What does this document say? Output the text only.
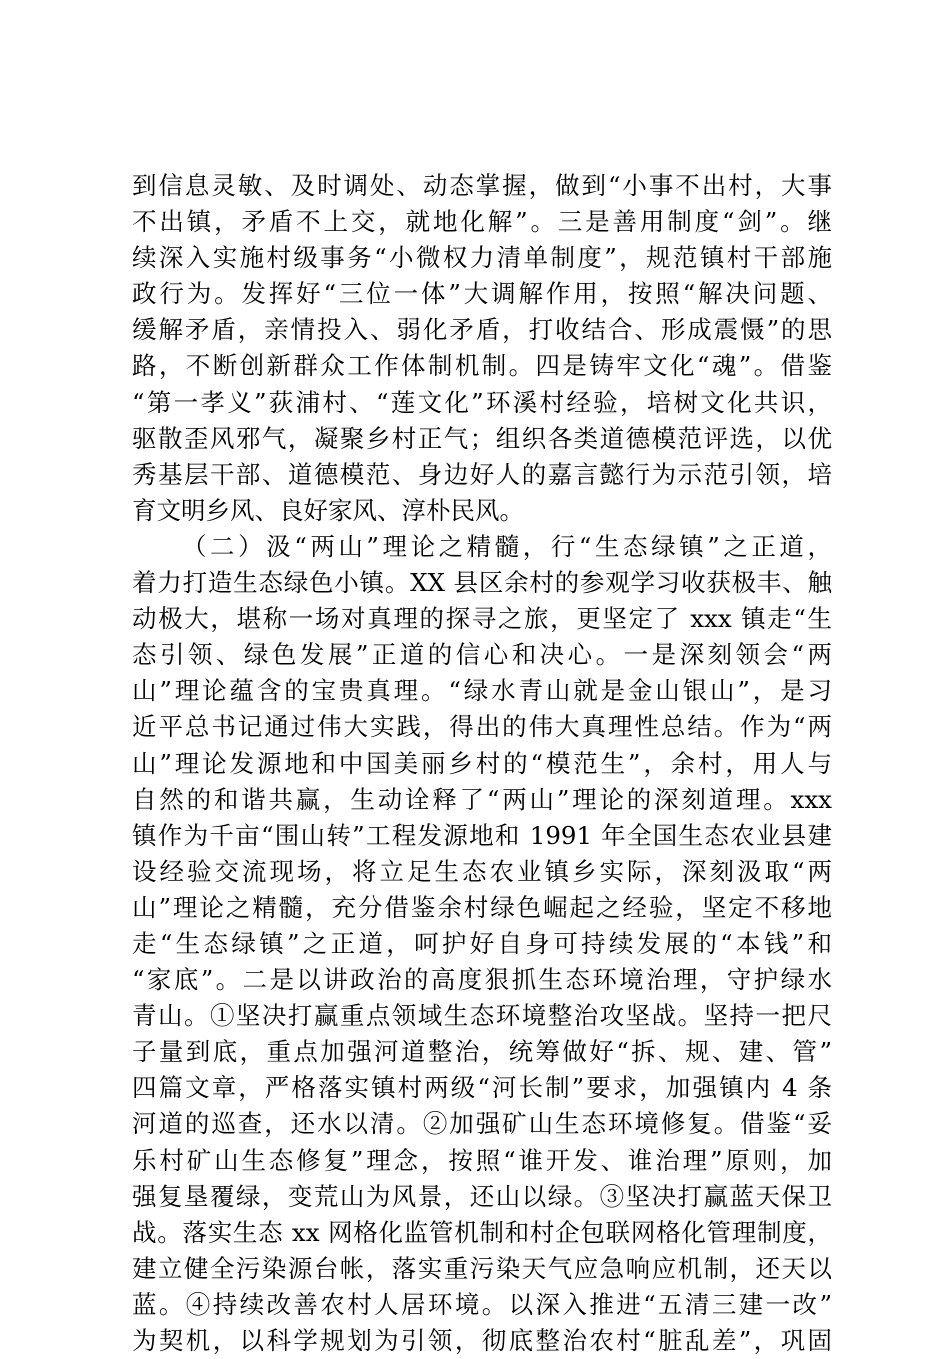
到信息灵敏、及时调处、动态掌握，做到“小事不出村，大事
不出镇，矛盾不上交，就地化解”。三是善用制度“剑”。继
续深入实施村级事务“小微权力清单制度”，规范镇村干部施
政行为。发挥好“三位一体”大调解作用，按照“解决问题、
缓解矛盾，亲情投入、弱化矛盾，打收结合、形成震慑”的思
路，不断创新群众工作体制机制。四是铸牢文化“魂”。借鉴
“第一孝义”荻浦村、“莲文化”环溪村经验，培树文化共识，
驱散歪风邪气，凝聚乡村正气；组织各类道德模范评选，以优
秀基层干部、道德模范、身边好人的嘉言懿行为示范引领，培
育文明乡风、良好家风、淳朴民风。
（二）汲“两山”理论之精髓，行“生态绿镇”之正道，
着力打造生态绿色小镇。XX 县区余村的参观学习收获极丰、触
动极大，堪称一场对真理的探寻之旅，更坚定了 xxx 镇走“生
态引领、绿色发展”正道的信心和决心。一是深刻领会“两
山”理论蕴含的宝贵真理。“绿水青山就是金山银山”，是习
近平总书记通过伟大实践，得出的伟大真理性总结。作为“两
山”理论发源地和中国美丽乡村的“模范生”，余村，用人与
自然的和谐共赢，生动诠释了“两山”理论的深刻道理。xxx
镇作为千亩“围山转”工程发源地和 1991 年全国生态农业县建
设经验交流现场，将立足生态农业镇乡实际，深刻汲取“两
山”理论之精髓，充分借鉴余村绿色崛起之经验，坚定不移地
走“生态绿镇”之正道，呵护好自身可持续发展的“本钱”和
“家底”。二是以讲政治的高度狠抓生态环境治理，守护绿水
青山。①坚决打赢重点领域生态环境整治攻坚战。坚持一把尺
子量到底，重点加强河道整治，统筹做好“拆、规、建、管”
四篇文章，严格落实镇村两级“河长制”要求，加强镇内 4 条
河道的巡查，还水以清。②加强矿山生态环境修复。借鉴“妥
乐村矿山生态修复”理念，按照“谁开发、谁治理”原则，加
强复垦覆绿，变荒山为风景，还山以绿。③坚决打赢蓝天保卫
战。落实生态 xx 网格化监管机制和村企包联网格化管理制度，
建立健全污染源台帐，落实重污染天气应急响应机制，还天以
蓝。④持续改善农村人居环境。以深入推进“五清三建一改”
为契机，以科学规划为引领，彻底整治农村“脏乱差”，巩固
